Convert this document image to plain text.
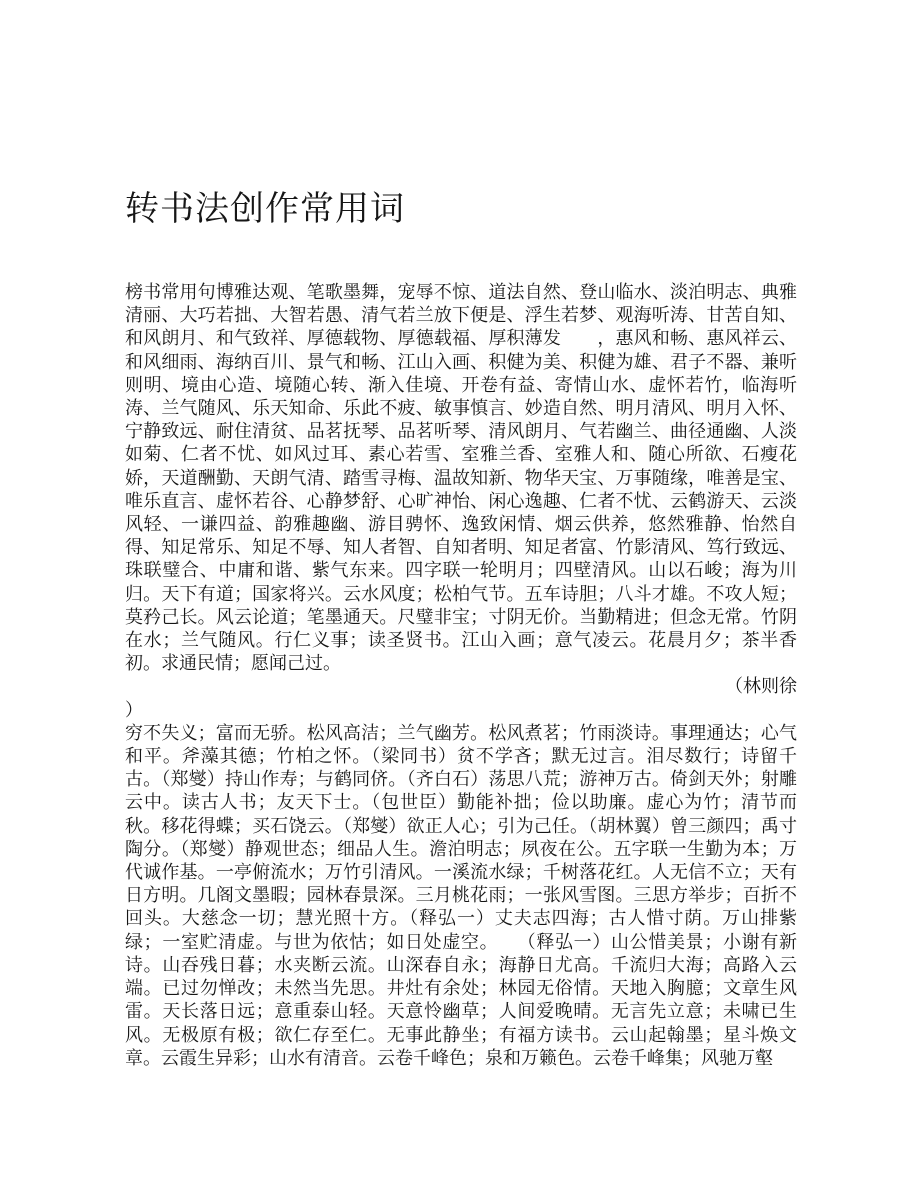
转书法创作常用词
榜书常用句博雅达观、笔歌墨舞，宠辱不惊、道法自然、登山临水、淡泊明志、典雅清丽、大巧若拙、大智若愚、清气若兰放下便是、浮生若梦、观海听涛、甘苦自知、和风朗月、和气致祥、厚德载物、厚德载福、厚积薄发　　，惠风和畅、惠风祥云、和风细雨、海纳百川、景气和畅、江山入画、积健为美、积健为雄、君子不器、兼听则明、境由心造、境随心转、渐入佳境、开卷有益、寄情山水、虚怀若竹，临海听涛、兰气随风、乐天知命、乐此不疲、敏事慎言、妙造自然、明月清风、明月入怀、宁静致远、耐住清贫、品茗抚琴、品茗听琴、清风朗月、气若幽兰、曲径通幽、人淡如菊、仁者不忧、如风过耳、素心若雪、室雅兰香、室雅人和、随心所欲、石瘦花娇，天道酬勤、天朗气清、踏雪寻梅、温故知新、物华天宝、万事随缘，唯善是宝、唯乐直言、虚怀若谷、心静梦舒、心旷神怡、闲心逸趣、仁者不忧、云鹤游天、云淡风轻、一谦四益、韵雅趣幽、游目骋怀、逸致闲情、烟云供养，悠然雅静、怡然自得、知足常乐、知足不辱、知人者智、自知者明、知足者富、竹影清风、笃行致远、珠联璧合、中庸和谐、紫气东来。四字联一轮明月；四壁清风。山以石峻；海为川归。天下有道；国家将兴。云水风度；松柏气节。五车诗胆；八斗才雄。不攻人短；莫矜己长。风云论道；笔墨通天。尺璧非宝；寸阴无价。当勤精进；但念无常。竹阴在水；兰气随风。行仁义事；读圣贤书。江山入画；意气凌云。花晨月夕；茶半香初。求通民情；愿闻己过。
（林则徐
）
穷不失义；富而无骄。松风高洁；兰气幽芳。松风煮茗；竹雨淡诗。事理通达；心气和平。斧藻其德；竹柏之怀。（梁同书）贫不学吝；默无过言。泪尽数行；诗留千古。（郑燮）持山作寿；与鹤同侪。（齐白石）荡思八荒；游神万古。倚剑天外；射雕云中。读古人书；友天下士。（包世臣）勤能补拙；俭以助廉。虚心为竹；清节而秋。移花得蝶；买石饶云。（郑燮）欲正人心；引为己任。（胡林翼）曾三颜四；禹寸陶分。（郑燮）静观世态；细品人生。澹泊明志；夙夜在公。五字联一生勤为本；万代诚作基。一亭俯流水；万竹引清风。一溪流水绿；千树落花红。人无信不立；天有日方明。几阁文墨暇；园林春景深。三月桃花雨；一张风雪图。三思方举步；百折不回头。大慈念一切；慧光照十方。（释弘一）丈夫志四海；古人惜寸荫。万山排紫绿；一室贮清虚。与世为依怙；如日处虚空。　　（释弘一）山公惜美景；小谢有新诗。山吞残日暮；水夹断云流。山深春自永；海静日尤高。千流归大海；高路入云端。已过勿惮改；未然当先思。井灶有余处；林园无俗情。天地入胸臆；文章生风雷。天长落日远；意重泰山轻。天意怜幽草；人间爱晚晴。无言先立意；未啸已生风。无极原有极；欲仁存至仁。无事此静坐；有福方读书。云山起翰墨；星斗焕文章。云霞生异彩；山水有清音。云卷千峰色；泉和万籁色。云卷千峰集；风驰万壑
